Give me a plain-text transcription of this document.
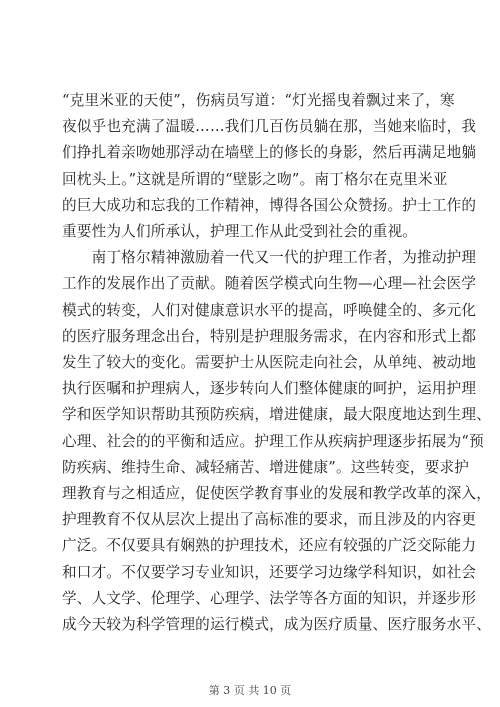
“克里米亚的天使”，伤病员写道：“灯光摇曳着飘过来了，寒
夜似乎也充满了温暖……我们几百伤员躺在那，当她来临时，我
们挣扎着亲吻她那浮动在墙壁上的修长的身影，然后再满足地躺
回枕头上。”这就是所谓的“壁影之吻”。南丁格尔在克里米亚
的巨大成功和忘我的工作精神，博得各国公众赞扬。护士工作的
重要性为人们所承认，护理工作从此受到社会的重视。

　　南丁格尔精神激励着一代又一代的护理工作者，为推动护理
工作的发展作出了贡献。随着医学模式向生物—心理—社会医学
模式的转变，人们对健康意识水平的提高，呼唤健全的、多元化
的医疗服务理念出台，特别是护理服务需求，在内容和形式上都
发生了较大的变化。需要护士从医院走向社会，从单纯、被动地
执行医嘱和护理病人，逐步转向人们整体健康的呵护，运用护理
学和医学知识帮助其预防疾病，增进健康，最大限度地达到生理、
心理、社会的的平衡和适应。护理工作从疾病护理逐步拓展为“预
防疾病、维持生命、减轻痛苦、增进健康”。这些转变，要求护
理教育与之相适应，促使医学教育事业的发展和教学改革的深入，
护理教育不仅从层次上提出了高标准的要求，而且涉及的内容更
广泛。不仅要具有娴熟的护理技术，还应有较强的广泛交际能力
和口才。不仅要学习专业知识，还要学习边缘学科知识，如社会
学、人文学、伦理学、心理学、法学等各方面的知识，并逐步形
成今天较为科学管理的运行模式，成为医疗质量、医疗服务水平、

第 3 页 共 10 页
